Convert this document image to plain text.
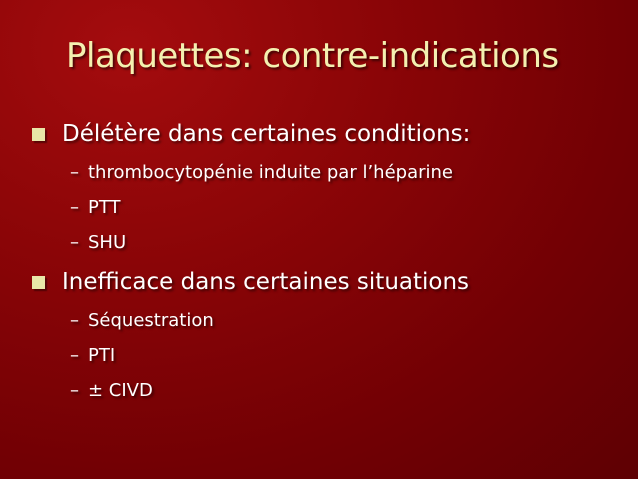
Plaquettes: contre-indications
Délétère dans certaines conditions:
– thrombocytopénie induite par l’héparine
– PTT
– SHU
Inefficace dans certaines situations
– Séquestration
– PTI
– ± CIVD
